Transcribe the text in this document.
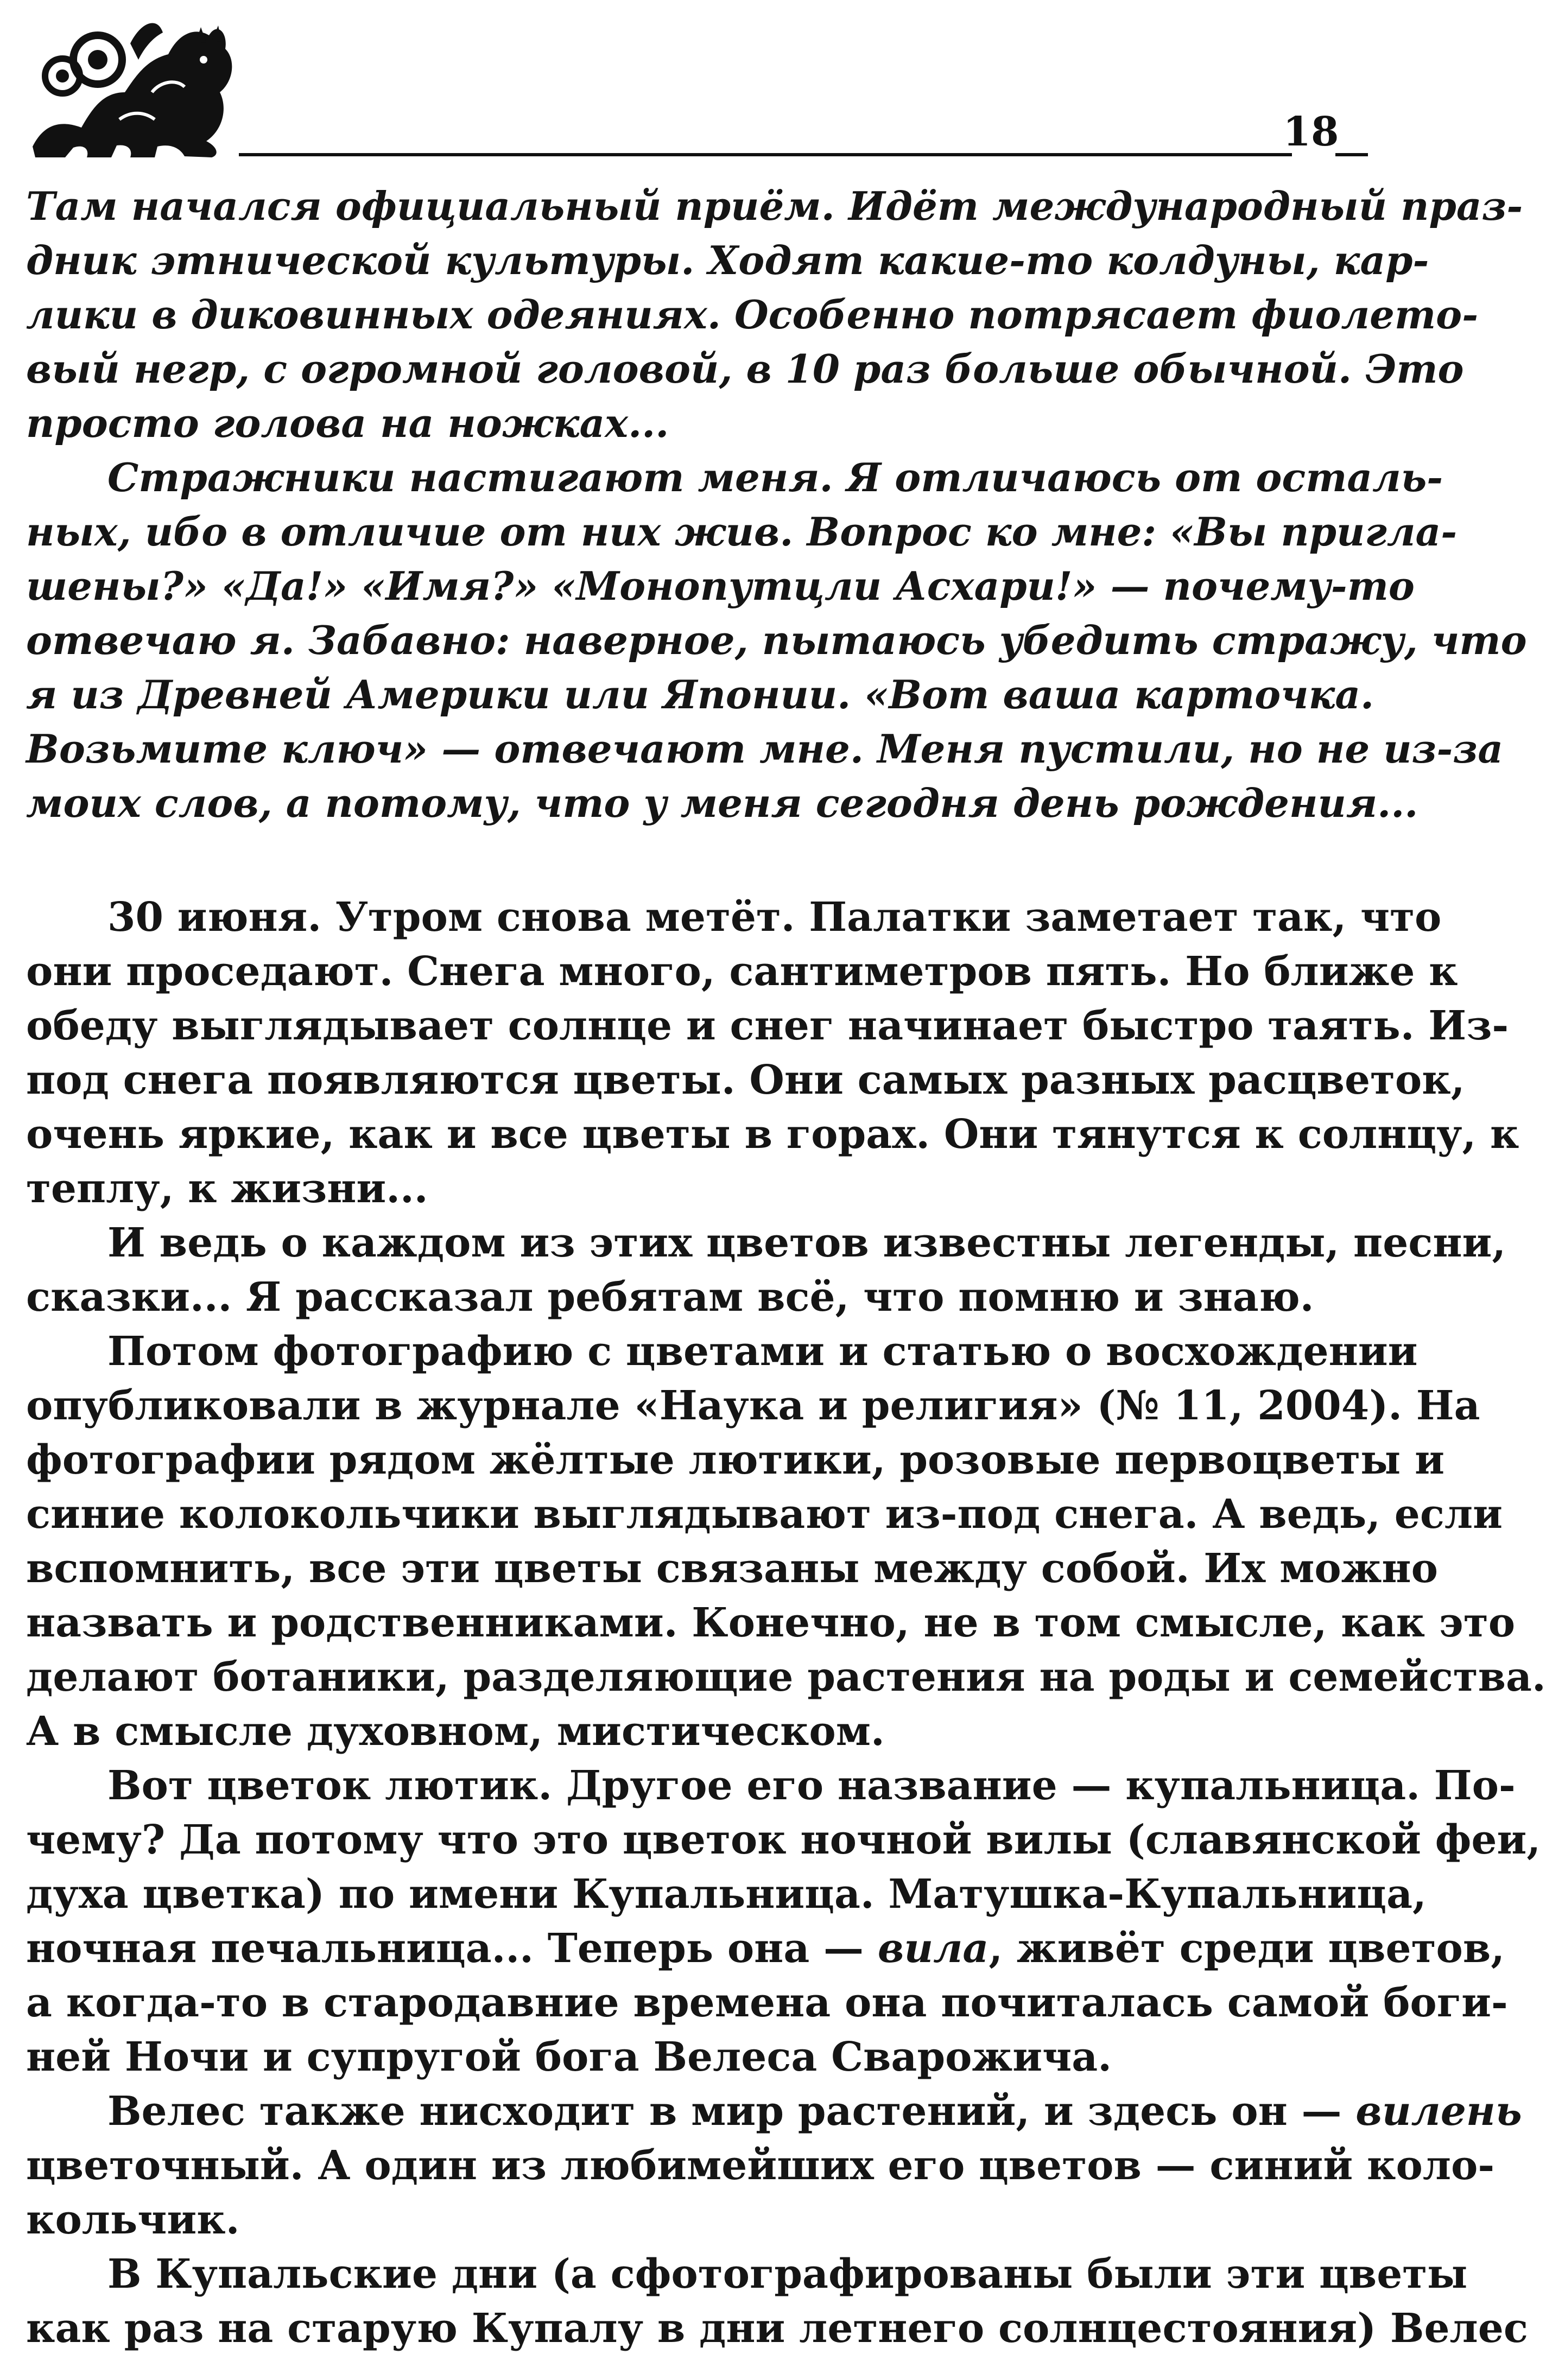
18
Там начался официальный приём. Идёт международный праз-
дник этнической культуры. Ходят какие-то колдуны, кар-
лики в диковинных одеяниях. Особенно потрясает фиолето-
вый негр, с огромной головой, в 10 раз больше обычной. Это
просто голова на ножках...
Стражники настигают меня. Я отличаюсь от осталь-
ных, ибо в отличие от них жив. Вопрос ко мне: «Вы пригла-
шены?» «Да!» «Имя?» «Монопутцли Асхари!» — почему-то
отвечаю я. Забавно: наверное, пытаюсь убедить стражу, что
я из Древней Америки или Японии. «Вот ваша карточка.
Возьмите ключ» — отвечают мне. Меня пустили, но не из-за
моих слов, а потому, что у меня сегодня день рождения...
30 июня. Утром снова метёт. Палатки заметает так, что
они проседают. Снега много, сантиметров пять. Но ближе к
обеду выглядывает солнце и снег начинает быстро таять. Из-
под снега появляются цветы. Они самых разных расцветок,
очень яркие, как и все цветы в горах. Они тянутся к солнцу, к
теплу, к жизни...
И ведь о каждом из этих цветов известны легенды, песни,
сказки... Я рассказал ребятам всё, что помню и знаю.
Потом фотографию с цветами и статью о восхождении
опубликовали в журнале «Наука и религия» (№ 11, 2004). На
фотографии рядом жёлтые лютики, розовые первоцветы и
синие колокольчики выглядывают из-под снега. А ведь, если
вспомнить, все эти цветы связаны между собой. Их можно
назвать и родственниками. Конечно, не в том смысле, как это
делают ботаники, разделяющие растения на роды и семейства.
А в смысле духовном, мистическом.
Вот цветок лютик. Другое его название — купальница. По-
чему? Да потому что это цветок ночной вилы (славянской феи,
духа цветка) по имени Купальница. Матушка-Купальница,
ночная печальница... Теперь она — вила, живёт среди цветов,
а когда-то в стародавние времена она почиталась самой боги-
ней Ночи и супругой бога Велеса Сварожича.
Велес также нисходит в мир растений, и здесь он — вилень
цветочный. А один из любимейших его цветов — синий коло-
кольчик.
В Купальские дни (а сфотографированы были эти цветы
как раз на старую Купалу в дни летнего солнцестояния) Велес
